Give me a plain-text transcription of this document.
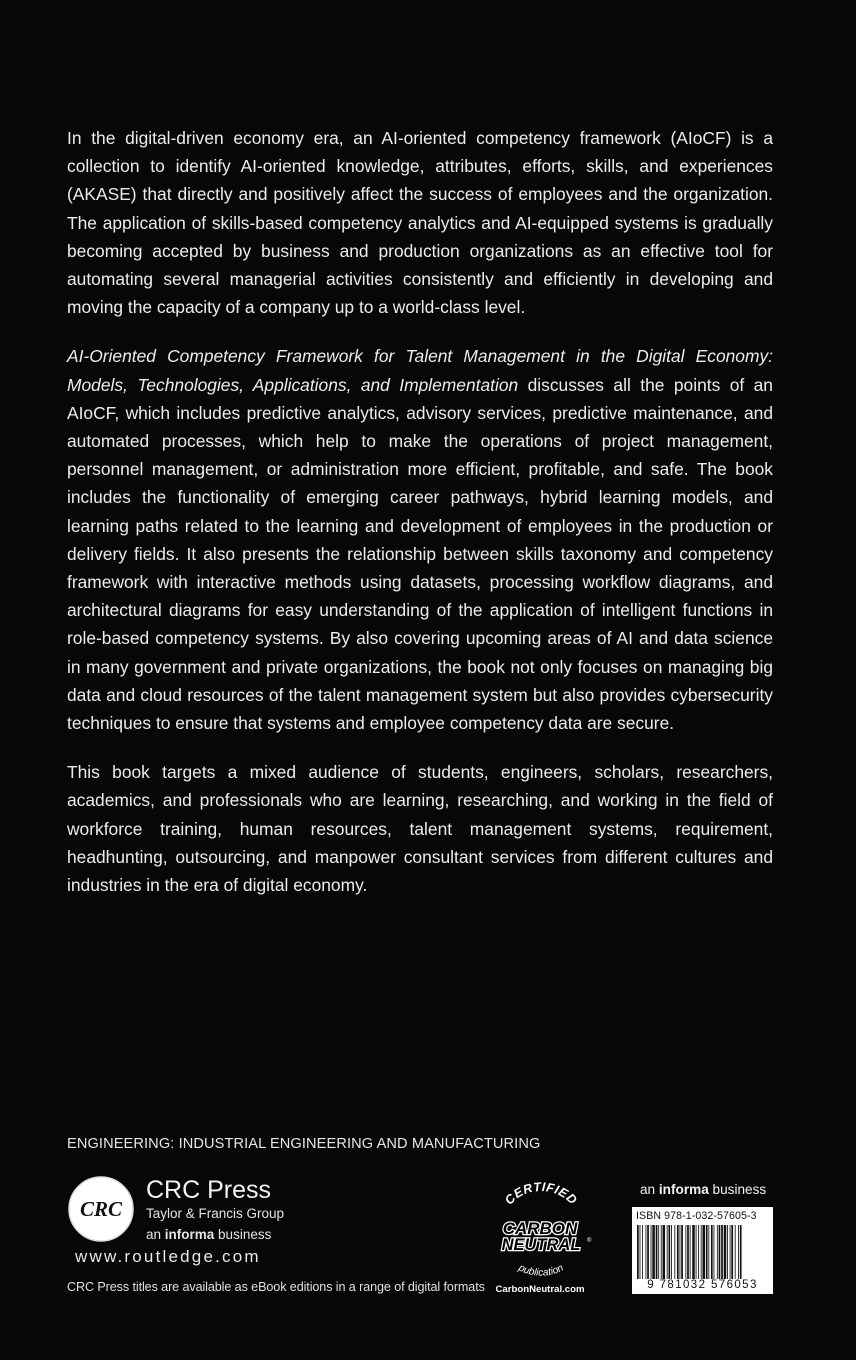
In the digital-driven economy era, an AI-oriented competency framework (AIoCF) is a collection to identify AI-oriented knowledge, attributes, efforts, skills, and experiences (AKASE) that directly and positively affect the success of employees and the organization. The application of skills-based competency analytics and AI-equipped systems is gradually becoming accepted by business and production organizations as an effective tool for automating several managerial activities consistently and efficiently in developing and moving the capacity of a company up to a world-class level.

AI-Oriented Competency Framework for Talent Management in the Digital Economy: Models, Technologies, Applications, and Implementation discusses all the points of an AIoCF, which includes predictive analytics, advisory services, predictive maintenance, and automated processes, which help to make the operations of project management, personnel management, or administration more efficient, profitable, and safe. The book includes the functionality of emerging career pathways, hybrid learning models, and learning paths related to the learning and development of employees in the production or delivery fields. It also presents the relationship between skills taxonomy and competency framework with interactive methods using datasets, processing workflow diagrams, and architectural diagrams for easy understanding of the application of intelligent functions in role-based competency systems. By also covering upcoming areas of AI and data science in many government and private organizations, the book not only focuses on managing big data and cloud resources of the talent management system but also provides cybersecurity techniques to ensure that systems and employee competency data are secure.

This book targets a mixed audience of students, engineers, scholars, researchers, academics, and professionals who are learning, researching, and working in the field of workforce training, human resources, talent management systems, requirement, headhunting, outsourcing, and manpower consultant services from different cultures and industries in the era of digital economy.

ENGINEERING: INDUSTRIAL ENGINEERING AND MANUFACTURING
CRC
CRC Press
Taylor & Francis Group
an informa business
www.routledge.com
CRC Press titles are available as eBook editions in a range of digital formats
CERTIFIED
CARBON
NEUTRAL ®
publication
CarbonNeutral.com
an informa business
ISBN 978-1-032-57605-3
9 781032 576053
